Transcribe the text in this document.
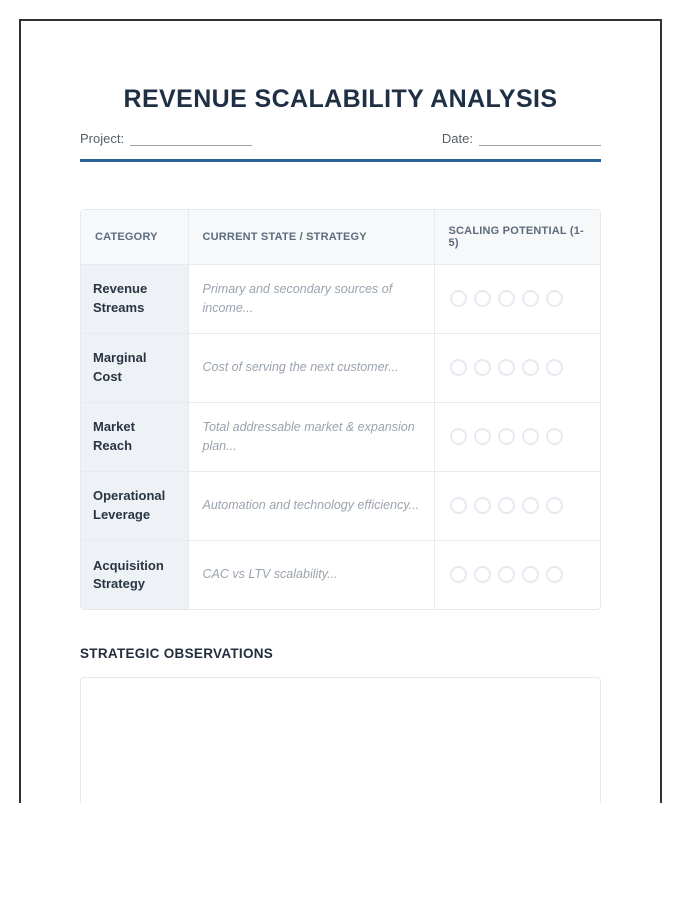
REVENUE SCALABILITY ANALYSIS
Project:	Date:
CATEGORY	CURRENT STATE / STRATEGY	SCALING POTENTIAL (1-5)
Revenue Streams	Primary and secondary sources of income...	

Marginal Cost	Cost of serving the next customer...	

Market Reach	Total addressable market & expansion plan...	

Operational Leverage	Automation and technology efficiency...	

Acquisition Strategy	CAC vs LTV scalability...	
STRATEGIC OBSERVATIONS
